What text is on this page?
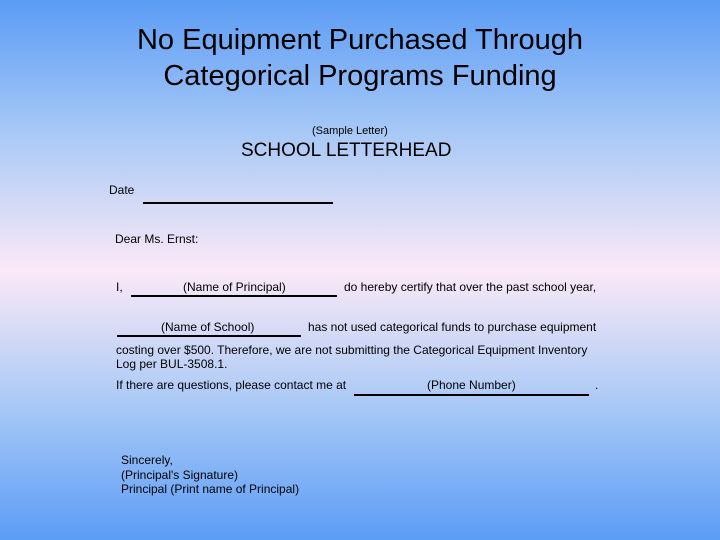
No Equipment Purchased Through
Categorical Programs Funding
(Sample Letter)
SCHOOL LETTERHEAD
Date
Dear Ms. Ernst:
I,	(Name of Principal)	do hereby certify that over the past school year,
(Name of School)	has not used categorical funds to purchase equipment
costing over $500. Therefore, we are not submitting the Categorical Equipment Inventory
Log per BUL-3508.1.
If there are questions, please contact me at	(Phone Number)	.
Sincerely,
(Principal's Signature)
Principal (Print name of Principal)
